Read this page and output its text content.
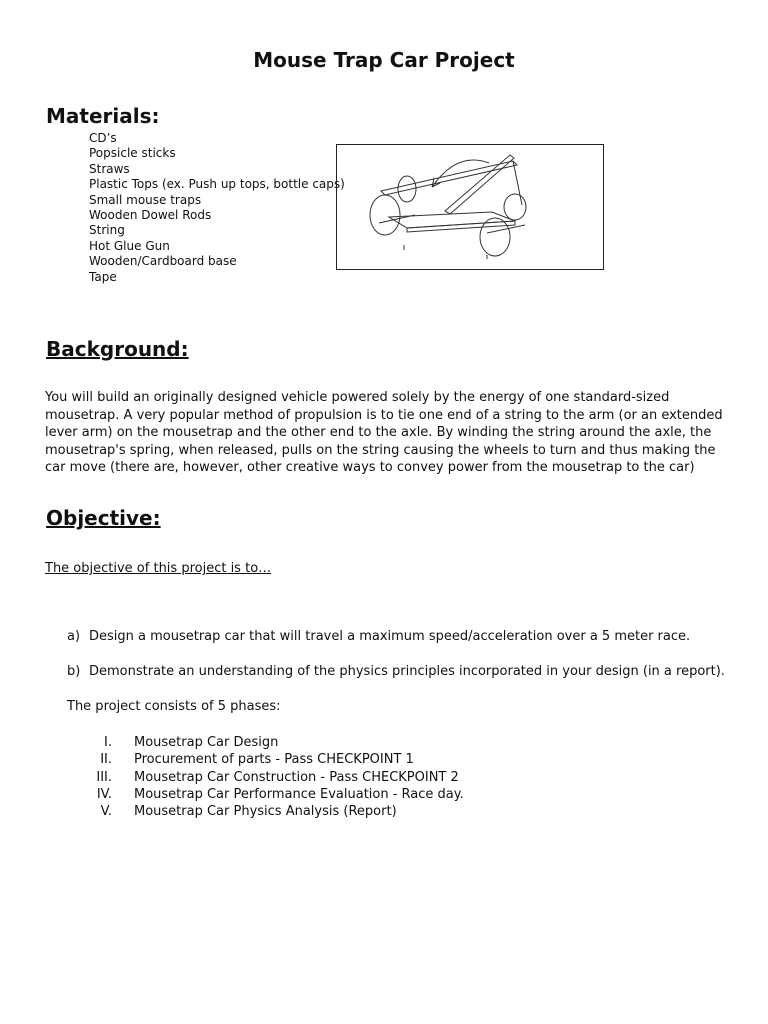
Mouse Trap Car Project
Materials:
CD’s
Popsicle sticks
Straws
Plastic Tops (ex. Push up tops, bottle caps)
Small mouse traps
Wooden Dowel Rods
String
Hot Glue Gun
Wooden/Cardboard base
Tape
Background:
You will build an originally designed vehicle powered solely by the energy of one standard-sized mousetrap. A very popular method of propulsion is to tie one end of a string to the arm (or an extended lever arm) on the mousetrap and the other end to the axle. By winding the string around the axle, the mousetrap's spring, when released, pulls on the string causing the wheels to turn and thus making the car move (there are, however, other creative ways to convey power from the mousetrap to the car)
Objective:
The objective of this project is to…
a) Design a mousetrap car that will travel a maximum speed/acceleration over a 5 meter race.
b) Demonstrate an understanding of the physics principles incorporated in your design (in a report).
The project consists of 5 phases:
I. Mousetrap Car Design
II. Procurement of parts - Pass CHECKPOINT 1
III. Mousetrap Car Construction - Pass CHECKPOINT 2
IV. Mousetrap Car Performance Evaluation - Race day.
V. Mousetrap Car Physics Analysis (Report)
